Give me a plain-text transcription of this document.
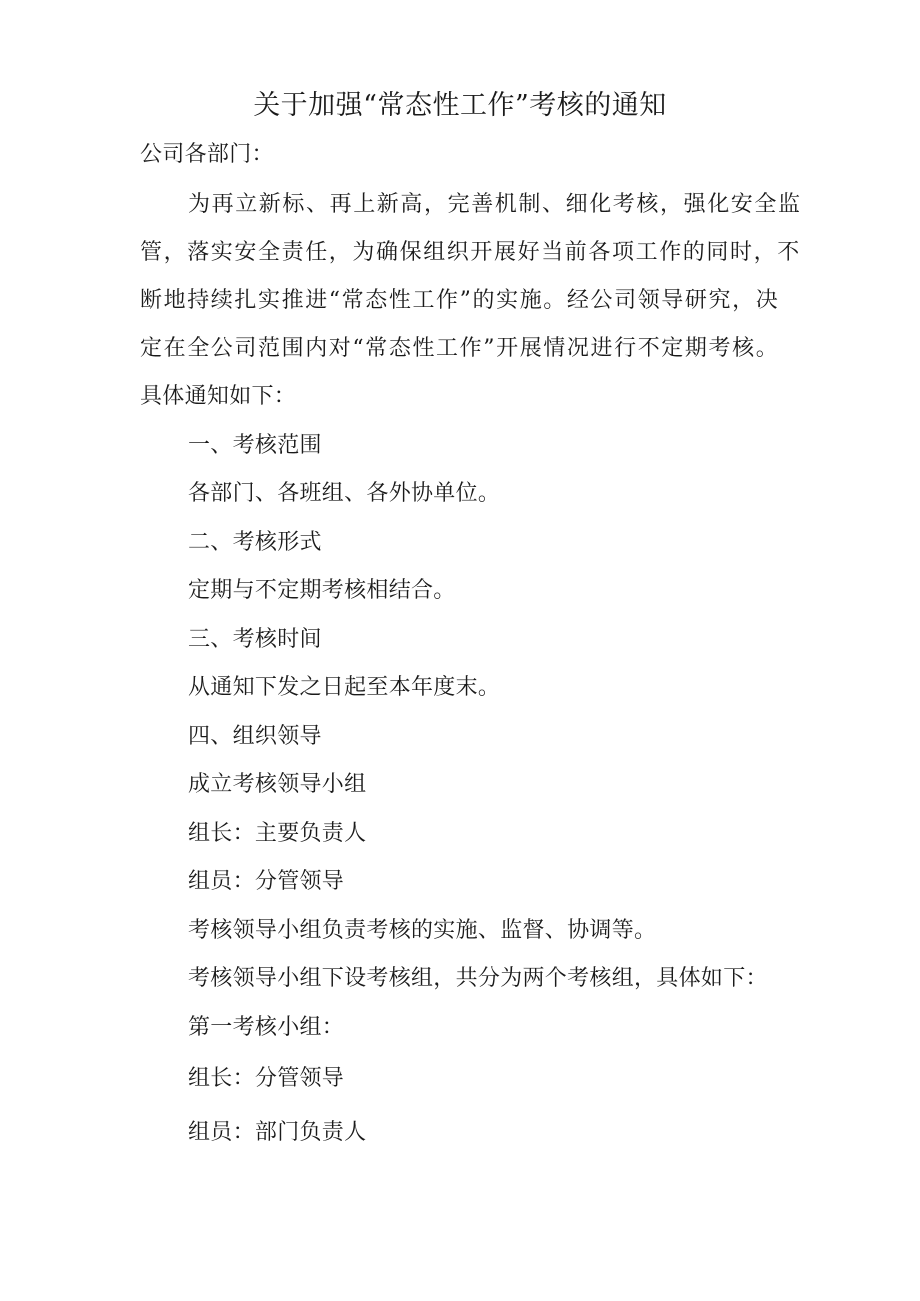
关于加强“常态性工作”考核的通知
公司各部门：
为再立新标、再上新高，完善机制、细化考核，强化安全监
管，落实安全责任，为确保组织开展好当前各项工作的同时，不
断地持续扎实推进“常态性工作”的实施。经公司领导研究，决
定在全公司范围内对“常态性工作”开展情况进行不定期考核。
具体通知如下：
一、考核范围
各部门、各班组、各外协单位。
二、考核形式
定期与不定期考核相结合。
三、考核时间
从通知下发之日起至本年度末。
四、组织领导
成立考核领导小组
组长：主要负责人
组员：分管领导
考核领导小组负责考核的实施、监督、协调等。
考核领导小组下设考核组，共分为两个考核组，具体如下：
第一考核小组：
组长：分管领导
组员：部门负责人
